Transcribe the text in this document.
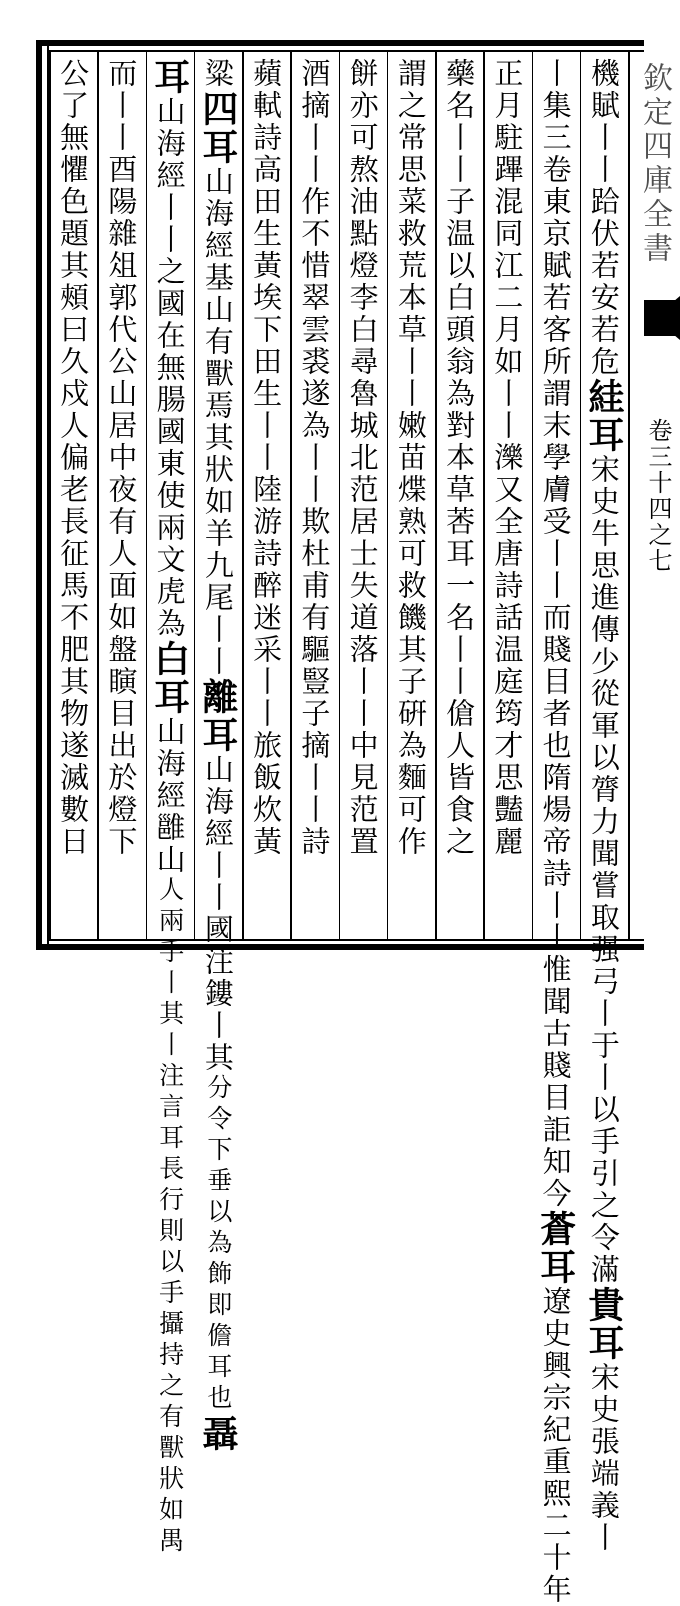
欽定四庫全書
卷三十四之七
機賦丨丨跲伏若安若危絓耳宋史牛思進傳少從軍以膂力聞嘗取强弓丨于丨以手引之令滿貴耳宋史張端義丨
丨集三卷東京賦若客所謂末學膚受丨丨而賤目者也隋煬帝詩丨丨惟聞古賤目詎知今蒼耳遼史興宗紀重熙二十年
正月駐蹕混同江二月如丨丨濼又全唐詩話温庭筠才思豔麗
藥名丨丨子温以白頭翁為對本草莕耳一名丨丨傖人皆食之
謂之常思菜救荒本草丨丨嫩苗煠熟可救饑其子硏為麵可作
餅亦可熬油點燈李白尋魯城北范居士失道落丨丨中見范置
酒摘丨丨作不惜翠雲裘遂為丨丨欺杜甫有驅豎子摘丨丨詩
蘋軾詩高田生黃埃下田生丨丨陸游詩醉迷采丨丨旅飯炊黃
粱四耳山海經基山有獸焉其狀如羊九尾丨丨離耳山海經丨丨國注鏤丨其分令下垂以為飾即儋耳也聶
耳山海經丨丨之國在無腸國東使兩文虎為白耳山海經雝山人兩手丨其丨注言耳長行則以手攝持之有獸狀如禺
而丨丨酉陽雜俎郭代公山居中夜有人面如盤瞚目出於燈下
公了無懼色題其頰曰久戍人偏老長征馬不肥其物遂滅數日
